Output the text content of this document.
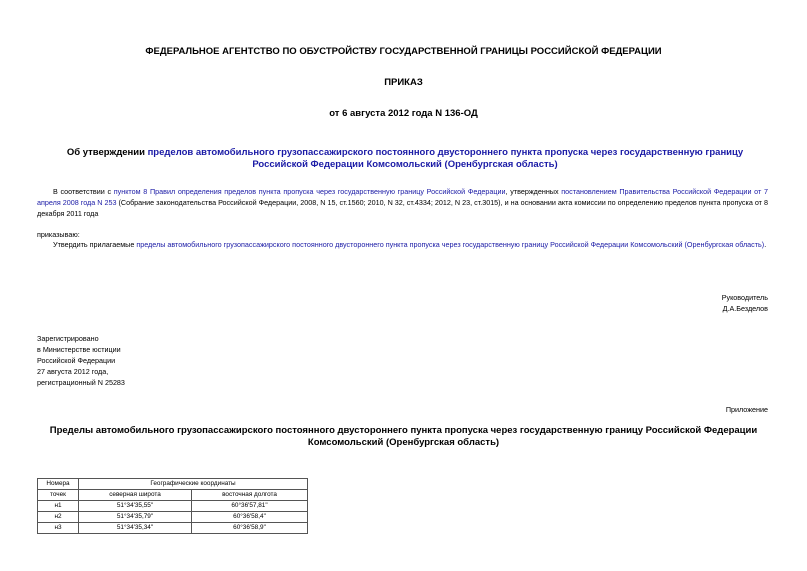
ФЕДЕРАЛЬНОЕ АГЕНТСТВО ПО ОБУСТРОЙСТВУ ГОСУДАРСТВЕННОЙ ГРАНИЦЫ РОССИЙСКОЙ ФЕДЕРАЦИИ
ПРИКАЗ
от 6 августа 2012 года N 136-ОД
Об утверждении пределов автомобильного грузопассажирского постоянного двустороннего пункта пропуска через государственную границу Российской Федерации Комсомольский (Оренбургская область)
В соответствии с пунктом 8 Правил определения пределов пункта пропуска через государственную границу Российской Федерации, утвержденных постановлением Правительства Российской Федерации от 7 апреля 2008 года N 253 (Собрание законодательства Российской Федерации, 2008, N 15, ст.1560; 2010, N 32, ст.4334; 2012, N 23, ст.3015), и на основании акта комиссии по определению пределов пункта пропуска от 8 декабря 2011 года
приказываю:
Утвердить прилагаемые пределы автомобильного грузопассажирского постоянного двустороннего пункта пропуска через государственную границу Российской Федерации Комсомольский (Оренбургская область).
Руководитель
Д.А.Безделов
Зарегистрировано
в Министерстве юстиции
Российской Федерации
27 августа 2012 года,
регистрационный N 25283
Приложение
Пределы автомобильного грузопассажирского постоянного двустороннего пункта пропуска через государственную границу Российской Федерации
Комсомольский (Оренбургская область)
Номера	Географические координаты	
точек	северная широта	восточная долгота
н1	51°34'35,55"	60°36'57,81"
н2	51°34'35,79"	60°36'58,4"
н3	51°34'35,34"	60°36'58,9"
